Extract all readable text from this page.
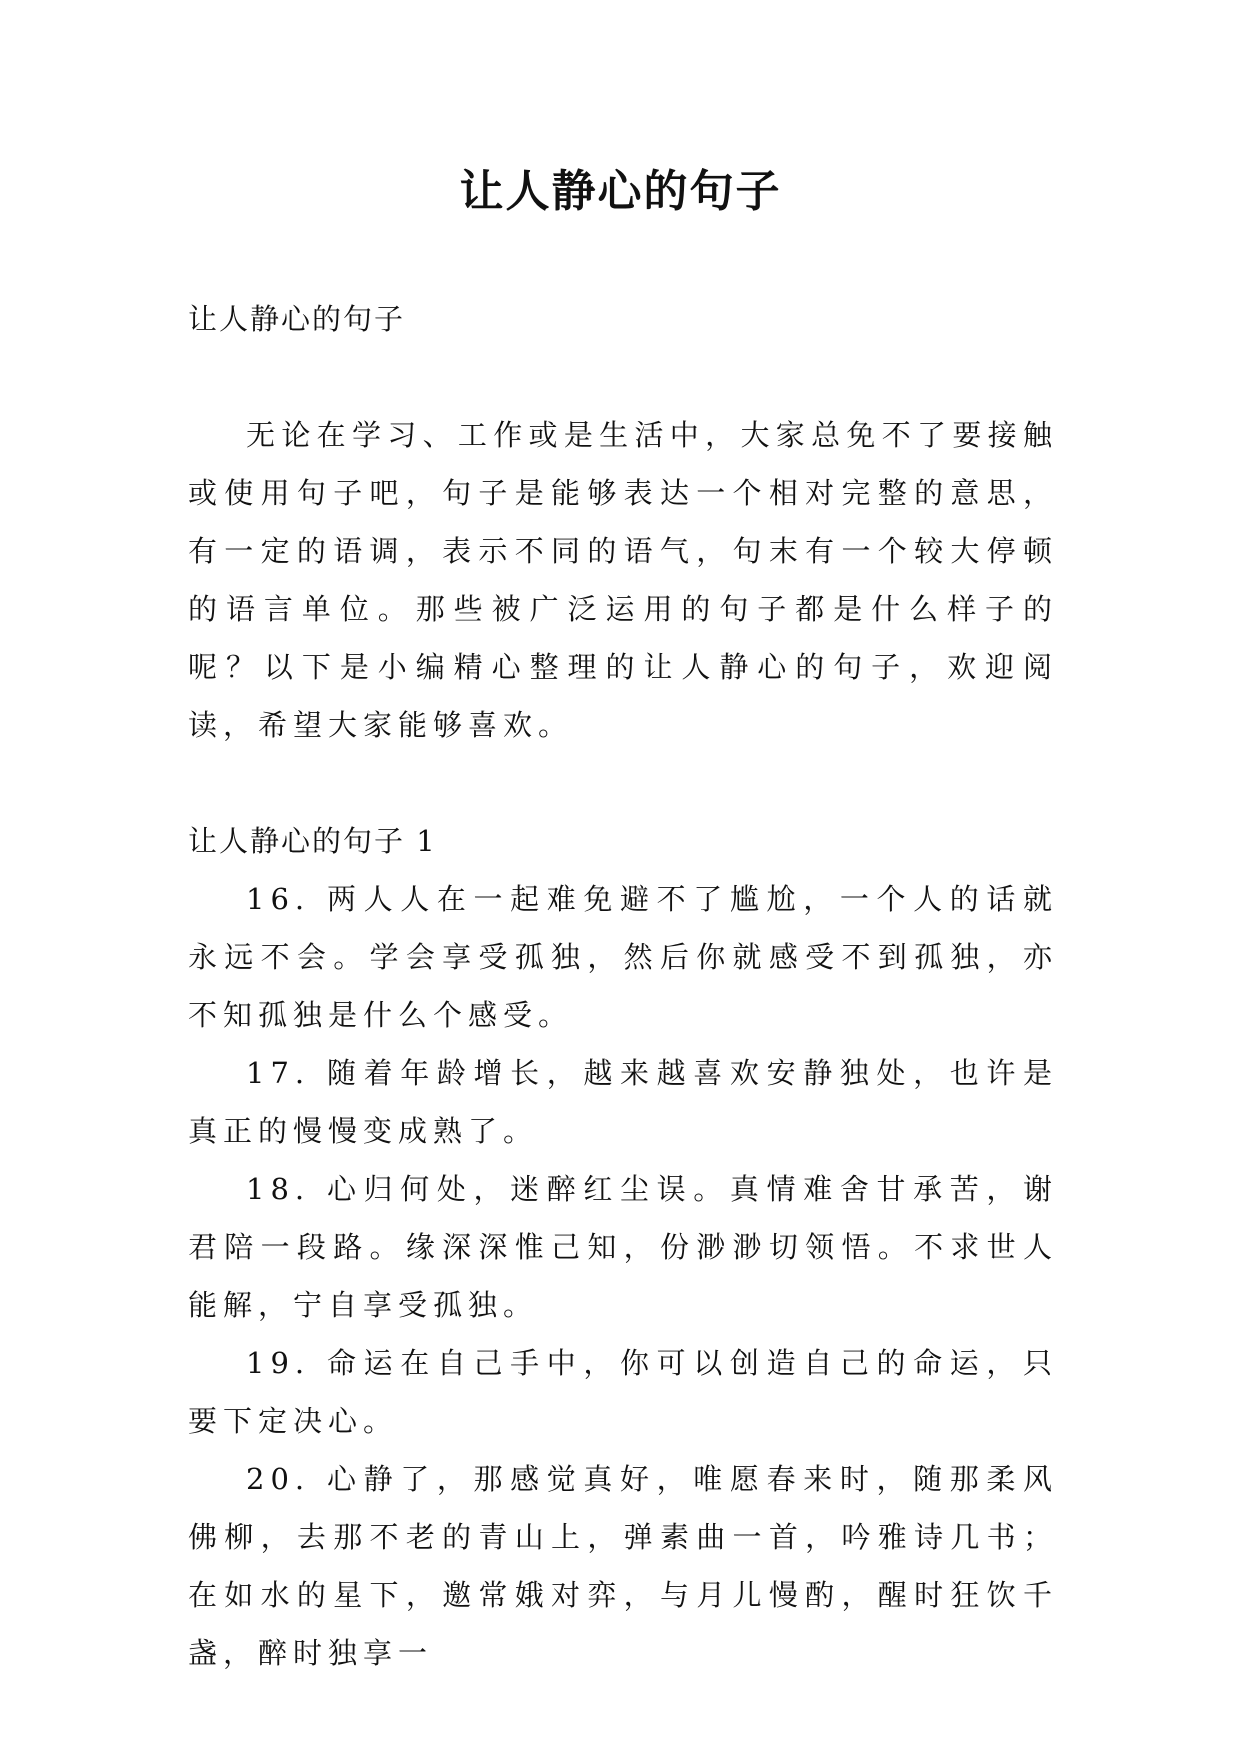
让人静心的句子

让人静心的句子

无论在学习、工作或是生活中，大家总免不了要接触或使用句子吧，句子是能够表达一个相对完整的意思，有一定的语调，表示不同的语气，句末有一个较大停顿的语言单位。那些被广泛运用的句子都是什么样子的呢？以下是小编精心整理的让人静心的句子，欢迎阅读，希望大家能够喜欢。

让人静心的句子 1

16. 两人人在一起难免避不了尴尬，一个人的话就永远不会。学会享受孤独，然后你就感受不到孤独，亦不知孤独是什么个感受。

17. 随着年龄增长，越来越喜欢安静独处，也许是真正的慢慢变成熟了。

18. 心归何处，迷醉红尘误。真情难舍甘承苦，谢君陪一段路。缘深深惟己知，份渺渺切领悟。不求世人能解，宁自享受孤独。

19. 命运在自己手中，你可以创造自己的命运，只要下定决心。

20. 心静了，那感觉真好，唯愿春来时，随那柔风佛柳，去那不老的青山上，弹素曲一首，吟雅诗几书；在如水的星下，邀常娥对弈，与月儿慢酌，醒时狂饮千盏，醉时独享一
